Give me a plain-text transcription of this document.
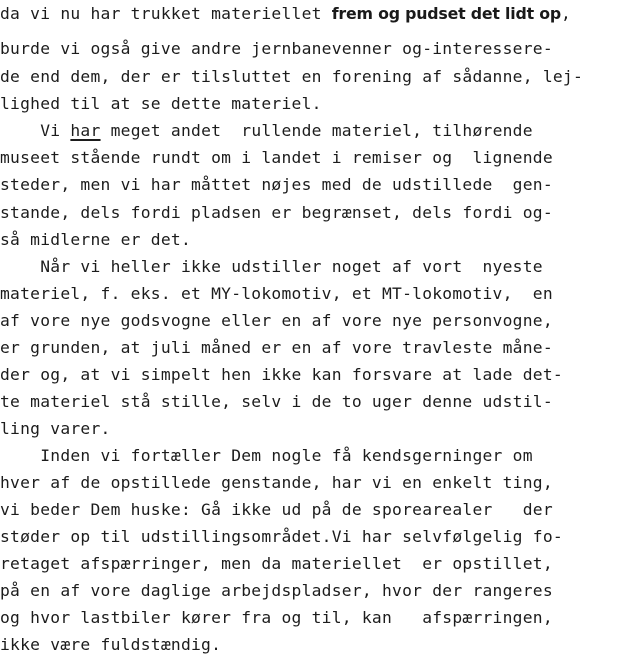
da vi nu har trukket materiellet frem og pudset det lidt op,
burde vi også give andre jernbanevenner og-interessere-
de end dem, der er tilsluttet en forening af sådanne, lej-
lighed til at se dette materiel.
Vi har meget andet  rullende materiel, tilhørende
museet stående rundt om i landet i remiser og  lignende
steder, men vi har måttet nøjes med de udstillede  gen-
stande, dels fordi pladsen er begrænset, dels fordi og-
så midlerne er det.
Når vi heller ikke udstiller noget af vort  nyeste
materiel, f. eks. et MY-lokomotiv, et MT-lokomotiv,  en
af vore nye godsvogne eller en af vore nye personvogne,
er grunden, at juli måned er en af vore travleste måne-
der og, at vi simpelt hen ikke kan forsvare at lade det-
te materiel stå stille, selv i de to uger denne udstil-
ling varer.
Inden vi fortæller Dem nogle få kendsgerninger om
hver af de opstillede genstande, har vi en enkelt ting,
vi beder Dem huske: Gå ikke ud på de sporearealer   der
støder op til udstillingsområdet.Vi har selvfølgelig fo-
retaget afspærringer, men da materiellet  er opstillet,
på en af vore daglige arbejdspladser, hvor der rangeres
og hvor lastbiler kører fra og til, kan   afspærringen,
ikke være fuldstændig.
